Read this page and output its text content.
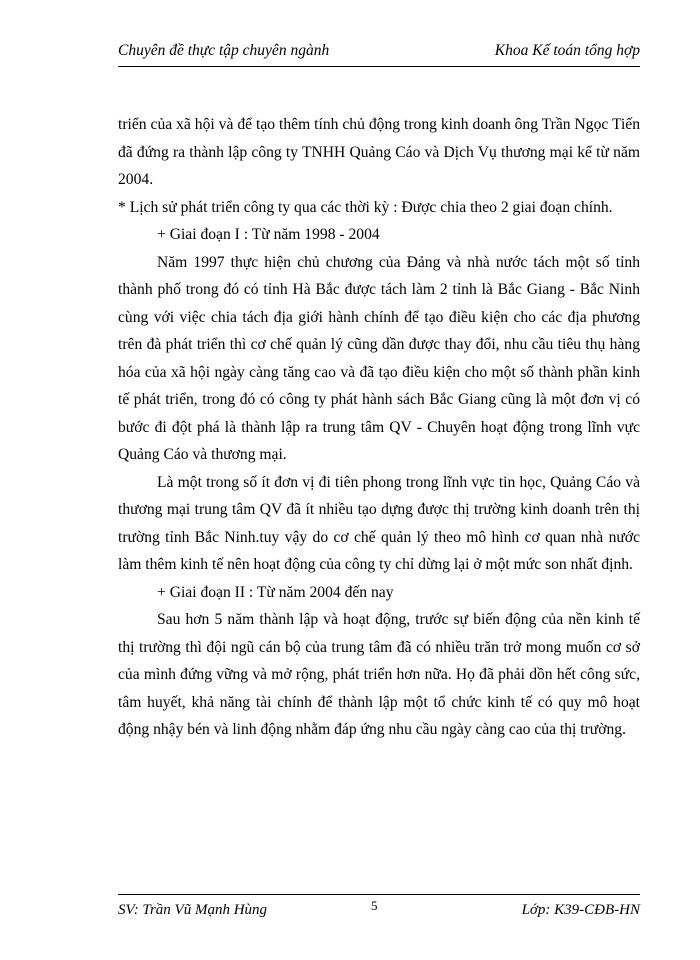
Chuyên đề thực tập chuyên ngành	Khoa Kế toán tổng hợp

triển của xã hội và để tạo thêm tính chủ động trong kinh doanh ông Trần Ngọc Tiến đã đứng ra thành lập công ty TNHH Quảng Cáo và Dịch Vụ thương mại kể từ năm 2004.

* Lịch sử phát triển công ty qua các thời kỳ : Được chia theo 2 giai đoạn chính.

+ Giai đoạn I : Từ năm 1998 - 2004

Năm 1997 thực hiện chủ chương của Đảng và nhà nước tách một số tỉnh thành phố trong đó có tỉnh Hà Bắc được tách làm 2 tỉnh là Bắc Giang - Bắc Ninh cùng với việc chia tách địa giới hành chính để tạo điều kiện cho các địa phương trên đà phát triển thì cơ chế quản lý cũng dần được thay đổi, nhu cầu tiêu thụ hàng hóa của xã hội ngày càng tăng cao và đã tạo điều kiện cho một số thành phần kinh tế phát triển, trong đó có công ty phát hành sách Bắc Giang cũng là một đơn vị có bước đi đột phá là thành lập ra trung tâm QV - Chuyên hoạt động trong lĩnh vực Quảng Cáo và thương mại.

Là một trong số ít đơn vị đi tiên phong trong lĩnh vực tin học, Quảng Cáo và thương mại trung tâm QV đã ít nhiều tạo dựng được thị trường kinh doanh trên thị trường tỉnh Bắc Ninh.tuy vậy do cơ chế quản lý theo mô hình cơ quan nhà nước làm thêm kinh tế nên hoạt động của công ty chỉ dừng lại ở một mức son nhất định.

+ Giai đoạn II : Từ năm 2004 đến nay

Sau hơn 5 năm thành lập và hoạt động, trước sự biến động của nền kinh tế thị trường thì đội ngũ cán bộ của trung tâm đã có nhiều trăn trở mong muốn cơ sở của mình đứng vững và mở rộng, phát triển hơn nữa. Họ đã phải dồn hết công sức, tâm huyết, khả năng tài chính để thành lập một tổ chức kinh tế có quy mô hoạt động nhậy bén và linh động nhằm đáp ứng nhu cầu ngày càng cao của thị trường.

SV: Trần Vũ Mạnh Hùng	5	Lớp: K39-CĐB-HN
